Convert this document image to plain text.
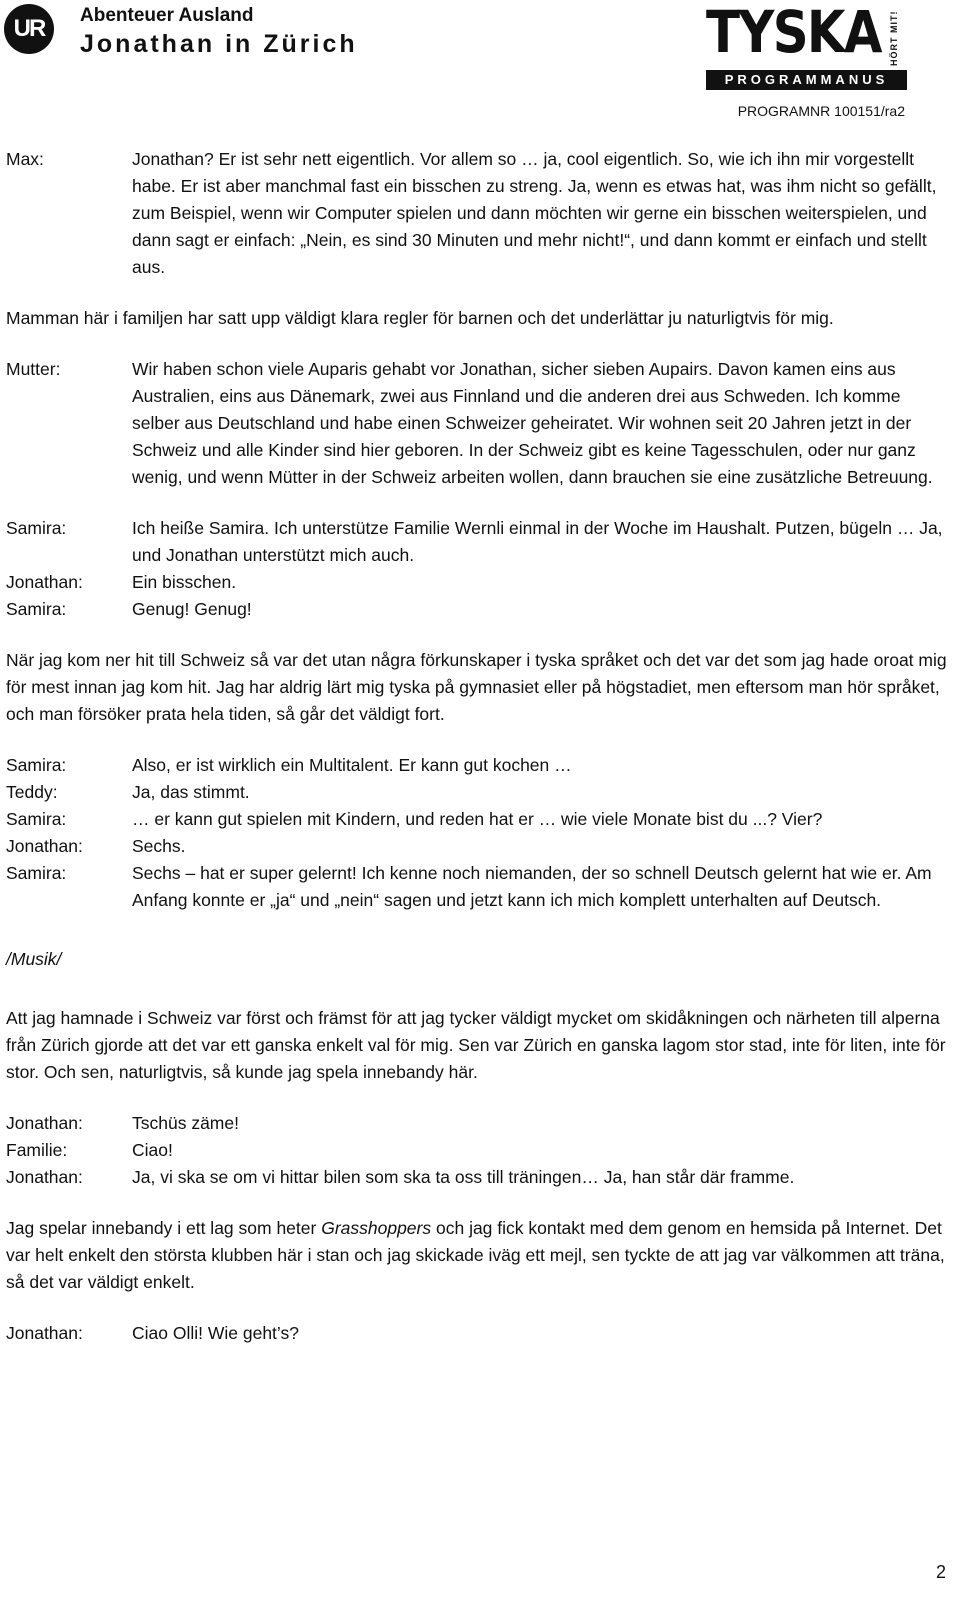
UR	Abenteuer Ausland
Jonathan in Zürich	TYSKA HÖRT MIT!
PROGRAMMANUS
PROGRAMNR 100151/ra2
Max:	Jonathan? Er ist sehr nett eigentlich. Vor allem so … ja, cool eigentlich. So, wie ich ihn mir vorgestellt habe. Er ist aber manchmal fast ein bisschen zu streng. Ja, wenn es etwas hat, was ihm nicht so gefällt, zum Beispiel, wenn wir Computer spielen und dann möchten wir gerne ein bisschen weiterspielen, und dann sagt er einfach: „Nein, es sind 30 Minuten und mehr nicht!“, und dann kommt er einfach und stellt aus.
Mamman här i familjen har satt upp väldigt klara regler för barnen och det underlättar ju naturligtvis för mig.
Mutter:	Wir haben schon viele Auparis gehabt vor Jonathan, sicher sieben Aupairs. Davon kamen eins aus Australien, eins aus Dänemark, zwei aus Finnland und die anderen drei aus Schweden. Ich komme selber aus Deutschland und habe einen Schweizer geheiratet. Wir wohnen seit 20 Jahren jetzt in der Schweiz und alle Kinder sind hier geboren. In der Schweiz gibt es keine Tagesschulen, oder nur ganz wenig, und wenn Mütter in der Schweiz arbeiten wollen, dann brauchen sie eine zusätzliche Betreuung.
Samira:	Ich heiße Samira. Ich unterstütze Familie Wernli einmal in der Woche im Haushalt. Putzen, bügeln … Ja, und Jonathan unterstützt mich auch.
Jonathan:	Ein bisschen.
Samira:	Genug! Genug!
När jag kom ner hit till Schweiz så var det utan några förkunskaper i tyska språket och det var det som jag hade oroat mig för mest innan jag kom hit. Jag har aldrig lärt mig tyska på gymnasiet eller på högstadiet, men eftersom man hör språket, och man försöker prata hela tiden, så går det väldigt fort.
Samira:	Also, er ist wirklich ein Multitalent. Er kann gut kochen …
Teddy:	Ja, das stimmt.
Samira:	… er kann gut spielen mit Kindern, und reden hat er … wie viele Monate bist du ...? Vier?
Jonathan:	Sechs.
Samira:	Sechs – hat er super gelernt! Ich kenne noch niemanden, der so schnell Deutsch gelernt hat wie er. Am Anfang konnte er „ja“ und „nein“ sagen und jetzt kann ich mich komplett unterhalten auf Deutsch.
/Musik/
Att jag hamnade i Schweiz var först och främst för att jag tycker väldigt mycket om skidåkningen och närheten till alperna från Zürich gjorde att det var ett ganska enkelt val för mig. Sen var Zürich en ganska lagom stor stad, inte för liten, inte för stor. Och sen, naturligtvis, så kunde jag spela innebandy här.
Jonathan:	Tschüs zäme!
Familie:	Ciao!
Jonathan:	Ja, vi ska se om vi hittar bilen som ska ta oss till träningen… Ja, han står där framme.
Jag spelar innebandy i ett lag som heter Grasshoppers och jag fick kontakt med dem genom en hemsida på Internet. Det var helt enkelt den största klubben här i stan och jag skickade iväg ett mejl, sen tyckte de att jag var välkommen att träna, så det var väldigt enkelt.
Jonathan:	Ciao Olli! Wie geht’s?
2
